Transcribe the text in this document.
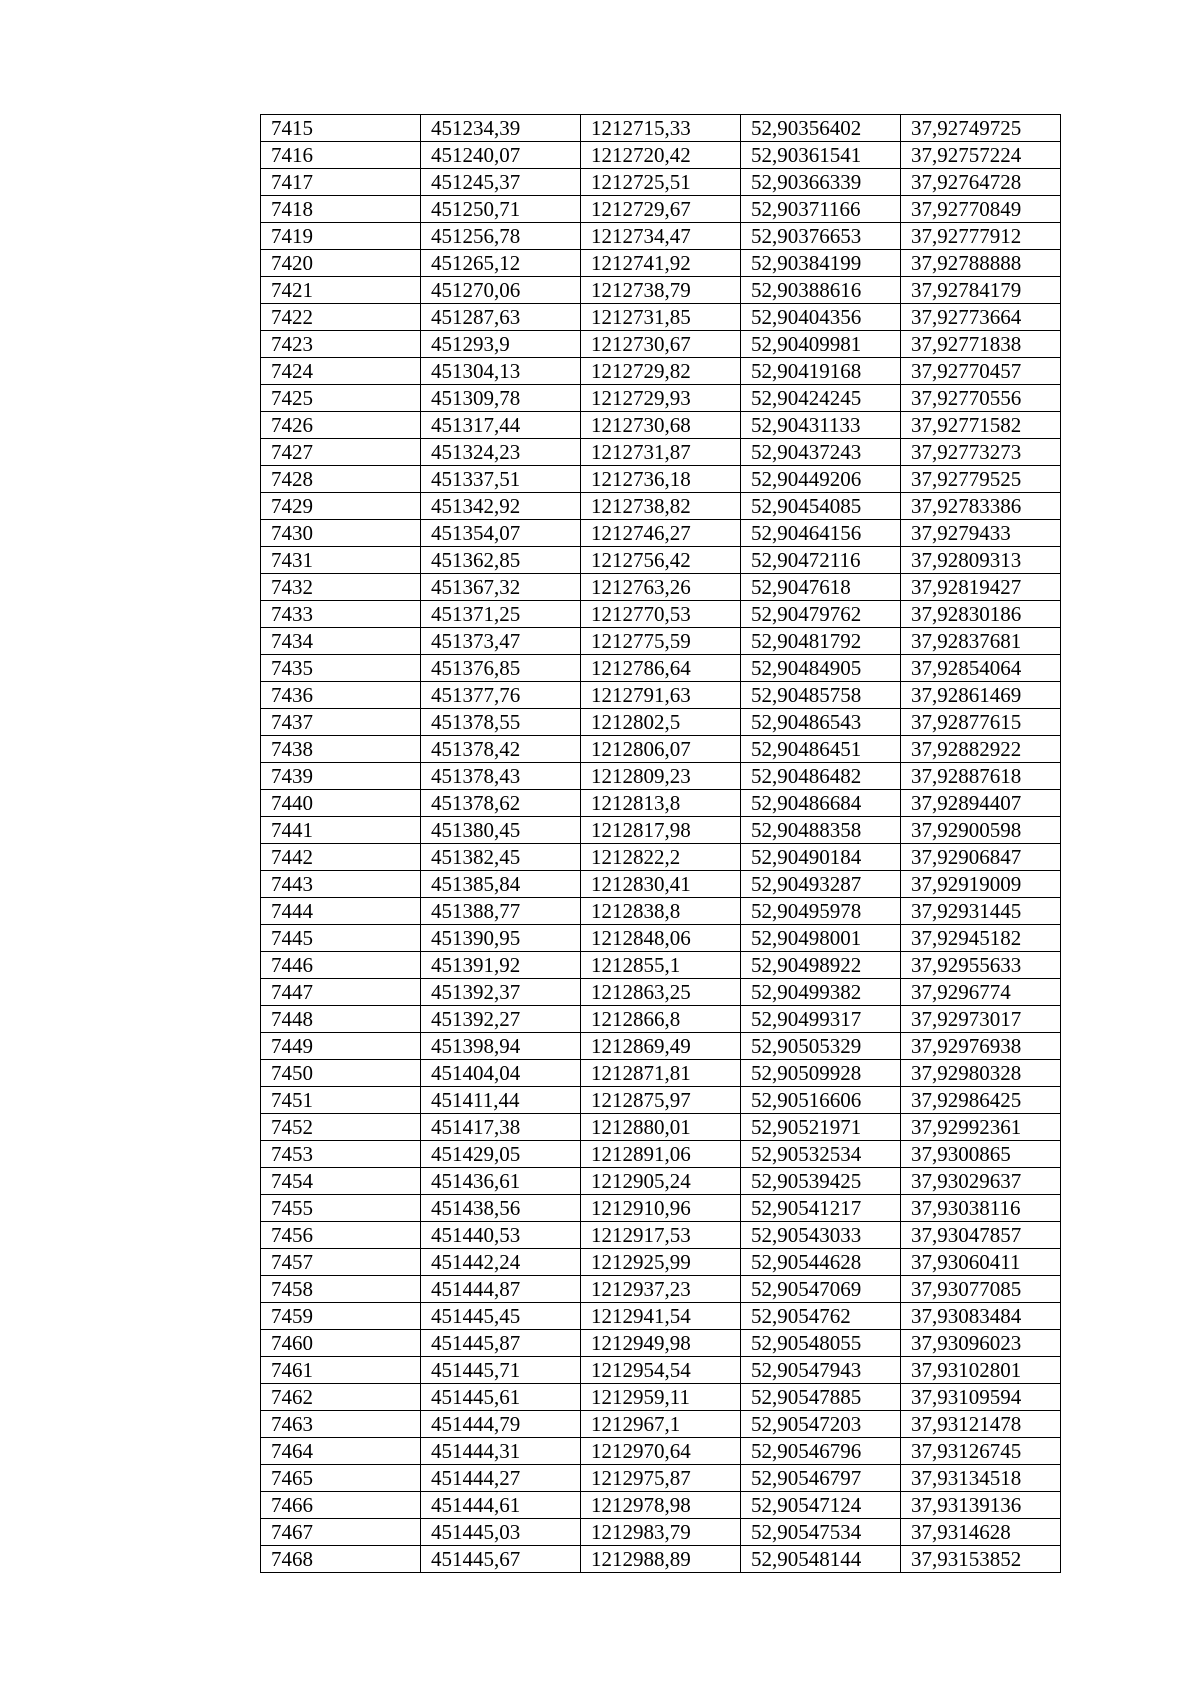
7415	451234,39	1212715,33	52,90356402	37,92749725
7416	451240,07	1212720,42	52,90361541	37,92757224
7417	451245,37	1212725,51	52,90366339	37,92764728
7418	451250,71	1212729,67	52,90371166	37,92770849
7419	451256,78	1212734,47	52,90376653	37,92777912
7420	451265,12	1212741,92	52,90384199	37,92788888
7421	451270,06	1212738,79	52,90388616	37,92784179
7422	451287,63	1212731,85	52,90404356	37,92773664
7423	451293,9	1212730,67	52,90409981	37,92771838
7424	451304,13	1212729,82	52,90419168	37,92770457
7425	451309,78	1212729,93	52,90424245	37,92770556
7426	451317,44	1212730,68	52,90431133	37,92771582
7427	451324,23	1212731,87	52,90437243	37,92773273
7428	451337,51	1212736,18	52,90449206	37,92779525
7429	451342,92	1212738,82	52,90454085	37,92783386
7430	451354,07	1212746,27	52,90464156	37,9279433
7431	451362,85	1212756,42	52,90472116	37,92809313
7432	451367,32	1212763,26	52,9047618	37,92819427
7433	451371,25	1212770,53	52,90479762	37,92830186
7434	451373,47	1212775,59	52,90481792	37,92837681
7435	451376,85	1212786,64	52,90484905	37,92854064
7436	451377,76	1212791,63	52,90485758	37,92861469
7437	451378,55	1212802,5	52,90486543	37,92877615
7438	451378,42	1212806,07	52,90486451	37,92882922
7439	451378,43	1212809,23	52,90486482	37,92887618
7440	451378,62	1212813,8	52,90486684	37,92894407
7441	451380,45	1212817,98	52,90488358	37,92900598
7442	451382,45	1212822,2	52,90490184	37,92906847
7443	451385,84	1212830,41	52,90493287	37,92919009
7444	451388,77	1212838,8	52,90495978	37,92931445
7445	451390,95	1212848,06	52,90498001	37,92945182
7446	451391,92	1212855,1	52,90498922	37,92955633
7447	451392,37	1212863,25	52,90499382	37,9296774
7448	451392,27	1212866,8	52,90499317	37,92973017
7449	451398,94	1212869,49	52,90505329	37,92976938
7450	451404,04	1212871,81	52,90509928	37,92980328
7451	451411,44	1212875,97	52,90516606	37,92986425
7452	451417,38	1212880,01	52,90521971	37,92992361
7453	451429,05	1212891,06	52,90532534	37,9300865
7454	451436,61	1212905,24	52,90539425	37,93029637
7455	451438,56	1212910,96	52,90541217	37,93038116
7456	451440,53	1212917,53	52,90543033	37,93047857
7457	451442,24	1212925,99	52,90544628	37,93060411
7458	451444,87	1212937,23	52,90547069	37,93077085
7459	451445,45	1212941,54	52,9054762	37,93083484
7460	451445,87	1212949,98	52,90548055	37,93096023
7461	451445,71	1212954,54	52,90547943	37,93102801
7462	451445,61	1212959,11	52,90547885	37,93109594
7463	451444,79	1212967,1	52,90547203	37,93121478
7464	451444,31	1212970,64	52,90546796	37,93126745
7465	451444,27	1212975,87	52,90546797	37,93134518
7466	451444,61	1212978,98	52,90547124	37,93139136
7467	451445,03	1212983,79	52,90547534	37,9314628
7468	451445,67	1212988,89	52,90548144	37,93153852
